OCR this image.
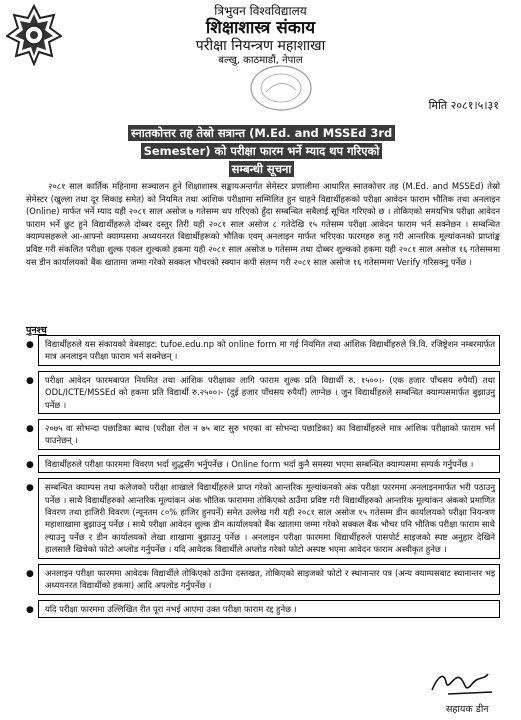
त्रिभुवन विश्वविद्यालय
शिक्षाशास्त्र संकाय
परीक्षा नियन्त्रण महाशाखा
बल्खु, काठमाडौं, नेपाल
मिति २०८१।५।३१
स्नातकोत्तर तह तेस्रो सत्रान्त (M.Ed. and MSSEd 3rd Semester) को परीक्षा फारम भर्ने म्याद थप गरिएको सम्बन्धी सूचना

२०८१ साल कार्तिक महिनामा सञ्चालन हुने शिक्षाशास्त्र सङ्कायअन्तर्गत सेमेस्टर प्रणालीमा आधारित स्नातकोत्तर तह (M.Ed. and MSSEd) तेस्रो सेमेस्टर (खुल्ला तथा दूर सिकाइ समेत) को नियमित तथा आंशिक परीक्षामा सम्मिलित हुन चाहने विद्यार्थीहरूको परीक्षा आवेदन फाराम भौतिक तथा अनलाइन (Online) मार्फत भर्ने म्याद यही २०८१ साल असोज ७ गतेसम्म थप गरिएको हुँदा सम्बन्धित सबैलाई सूचित गरिएको छ । तोकिएको समयभित्र परीक्षा आवेदन फाराम भर्ने छुट हुने विद्यार्थीहरूले दोब्बर दस्तुर तिरी यही २०८१ साल असोज ८ गतेदेखि १५ गतेसम्म परीक्षा आवेदन फाराम भर्न सक्नेछन । सम्बन्धित क्याम्पसहरूले आ-आफ्नो क्याम्पसमा अध्ययनरत विद्यार्थीहरूको भौतिक एवम् अनलाइन मार्फत भरिएका फारमहरु रुजु गरी आन्तरिक मूल्यांकनको प्राप्तांङ्क प्रविष्ट गरी संकलित परीक्षा शुल्क एकल शुल्कको हकमा यही २०८१ साल असोज ७ गतेसम्म तथा दोब्बर शुल्कको हकमा यही २०८१ साल असोज १६ गतेसम्ममा यस डीन कार्यालयको बैंक खातामा जम्मा गरेको सक्कल भौचरको स्क्यान कपी संलग्न गरी २०८१ साल असोज १६ गतेसम्ममा Verify गरिसक्नु पर्नेछ ।

पुनश्च
● विद्यार्थीहरुले यस संकायको वेबसाइट: tufoe.edu.np को online form मा गई नियमित तथा आंशिक विद्यार्थीहरुले त्रि.वि. रजिष्ट्रेशन नम्बरमार्फत मात्र अनलाइन परीक्षा फाराम भर्न सक्नेछन् ।
● परीक्षा आवेदन फारमबापत नियमित तथा आंशिक परीक्षाका लागि फाराम शुल्क प्रति विद्यार्थी रु. १५००।- (एक हजार पाँचसय रुपैयाँ) तथा ODL/ICTE/MSSEd को हकमा प्रति विद्यार्थी रु.२५००।- (दुई हजार पाँचसय रुपैयाँ) लाग्नेछ । जुन विद्यार्थीहरुले सम्बन्धित क्याम्पसमार्फत बुझाउनु पर्नेछ ।
● २०७५ वा सोभन्दा पछाडिका ब्याच (परीक्षा रोल न ७५ बाट सुरु भएका वा सोभन्दा पछाडिका) का विद्यार्थीहरुले मात्र आंशिक परीक्षाको फाराम भर्न पाउनेछन् ।
● विद्यार्थीहरुले परीक्षा फारममा विवरण भर्दा शुद्धसँग भर्नुपर्नेछ । Online form भर्दा कुनै समस्या भएमा सम्बन्धित क्याम्पसमा सम्पर्क गर्नुपर्नेछ ।
● सम्बन्धित क्याम्पस तथा कलेजको परीक्षा शाखाले विद्यार्थीहरुले प्राप्त गरेको आन्तरिक मूल्यांकनको अंक परीक्षा फारममा अनलाइनमार्फत भरी पठाउनु पर्नेछ । साथै विद्यार्थीहरुको आन्तरिक मूल्यांकन अंक भौतिक फाराममा तोकिएको ठाउँमा प्रविष्ट गरी विद्यार्थीहरुको आन्तरिक मूल्यांकन अंकको प्रमाणित विवरण तथा हाजिरी विवरण (न्यूनतम ८०% हाजिर हुनपर्ने) समेत उल्लेख गरी यही २०८१ साल असोज १५ गतेसम्म डीन कार्यालयको परीक्षा नियन्त्रण महाशाखामा बुझाउनु पर्नेछ । साथै परीक्षा आवेदन शुल्क डीन कार्यालयको बैंक खातामा जम्मा गरेको सक्कल बैंक भौचर पनि भौतिक परीक्षा फाराम साथै ल्याउनु पर्नेछ र डीन कार्यालयको लेखा शाखामा बुझाउनु पर्नेछ । अनलाइन परीक्षा फारममा विद्यार्थीहरुले पासपोर्ट साइजको स्पष्ट अनुहार देखिने हालसालै खिचेको फोटो अप्लोड गर्नुपर्नेछ । यदि आवेदक विद्यार्थीले अप्लोड गरेको फोटो अस्पष्ट भएमा आवेदन फाराम अस्वीकृत हुनेछ ।
● अनलाइन परीक्षा फारममा आवेदक विद्यार्थीले तोकिएको ठाउँमा दस्तखत, तोकिएको साइजको फोटो र स्थानान्तर पत्र (अन्य क्याम्पसबाट स्थानान्तर भइ अध्ययनरत विद्यार्थीको हकमा) आदि अपलोड गर्नुपर्नेछ ।
● यदि परीक्षा फारममा उल्लिखित रीत पूरा नभई आएमा उक्त परीक्षा फाराम रद्द हुनेछ ।
सहायक डीन
